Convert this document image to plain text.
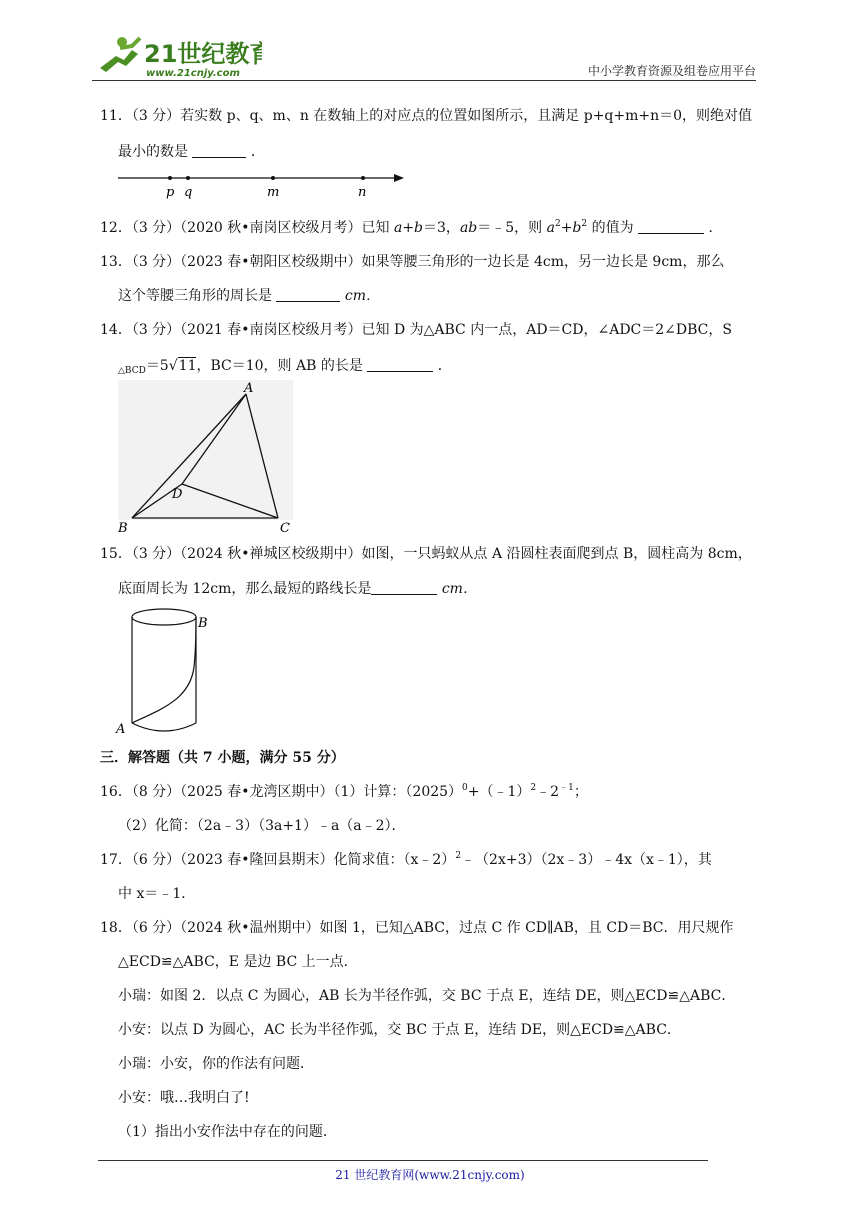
21世纪教育
www.21cnjy.com	中小学教育资源及组卷应用平台
11．（3 分）若实数 p、q、m、n 在数轴上的对应点的位置如图所示，且满足 p+q+m+n＝0，则绝对值
最小的数是	．
p q	m	n
12．（3 分）（2020 秋•南岗区校级月考）已知 a+b＝3，ab＝﹣5，则 $a^2+b^2$ 的值为	．
13．（3 分）（2023 春•朝阳区校级期中）如果等腰三角形的一边长是 4cm，另一边长是 9cm，那么
这个等腰三角形的周长是	cm．
14．（3 分）（2021 春•南岗区校级月考）已知 D 为△ABC 内一点，AD＝CD，∠ADC＝2∠DBC，S
$_{\triangle BCD}$＝5√11，BC＝10，则 AB 的长是	．
A
B	C
D
15．（3 分）（2024 秋•禅城区校级期中）如图，一只蚂蚁从点 A 沿圆柱表面爬到点 B，圆柱高为 8cm，
底面周长为 12cm，那么最短的路线长是	cm．
B
A
三．解答题（共 7 小题，满分 55 分）
16．（8 分）（2025 春•龙湾区期中）（1）计算：$(2025)^0+(﹣1)^2﹣2^{﹣1}$；
（2）化简：（2a﹣3）（3a+1）﹣a（a﹣2）．
17．（6 分）（2023 春•隆回县期末）化简求值：（x﹣2）$^2$﹣（2x+3）（2x﹣3）﹣4x（x﹣1），其
中 x＝﹣1．
18．（6 分）（2024 秋•温州期中）如图 1，已知△ABC，过点 C 作 CD∥AB，且 CD＝BC．用尺规作
△ECD≌△ABC，E 是边 BC 上一点．
小瑞：如图 2．以点 C 为圆心，AB 长为半径作弧，交 BC 于点 E，连结 DE，则△ECD≌△ABC．
小安：以点 D 为圆心，AC 长为半径作弧，交 BC 于点 E，连结 DE，则△ECD≌△ABC．
小瑞：小安，你的作法有问题．
小安：哦…我明白了!
（1）指出小安作法中存在的问题．
21 世纪教育网(www.21cnjy.com)
